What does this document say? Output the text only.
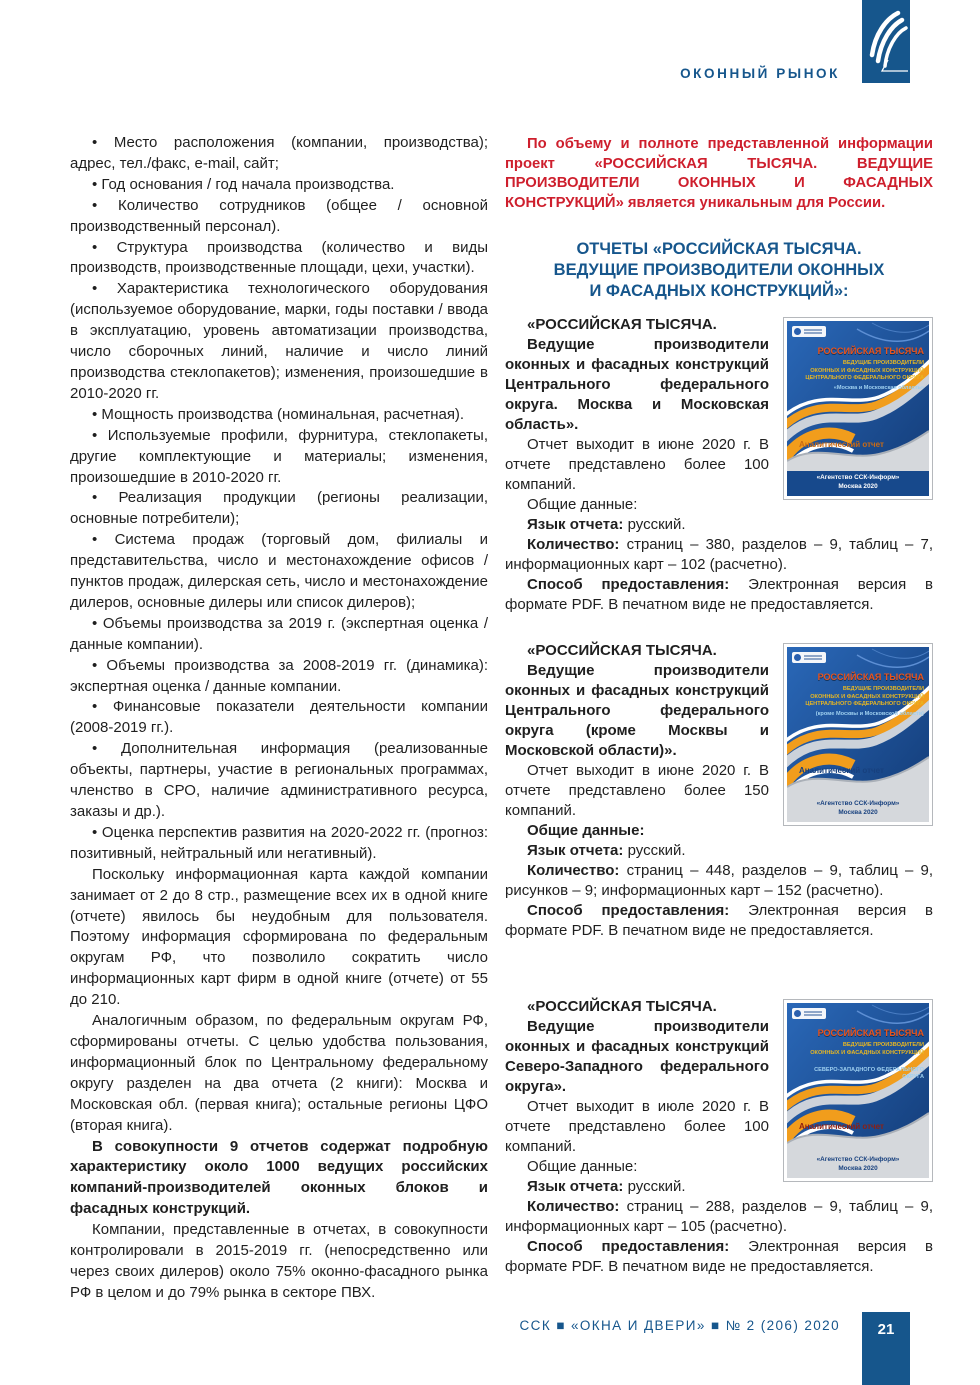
ОКОННЫЙ РЫНОК

• Место расположения (компании, производства); адрес, тел./факс, e-mail, сайт;

• Год основания / год начала производства.

• Количество сотрудников (общее / основной производственный персонал).

• Структура производства (количество и виды производств, производственные площади, цехи, участки).

• Характеристика технологического оборудования (используемое оборудование, марки, годы поставки / ввода в эксплуатацию, уровень автоматизации производства, число сборочных линий, наличие и число линий производства стеклопакетов); изменения, произошедшие в 2010-2020 гг.

• Мощность производства (номинальная, расчетная).

• Используемые профили, фурнитура, стеклопакеты, другие комплектующие и материалы; изменения, произошедшие в 2010-2020 гг.

• Реализация продукции (регионы реализации, основные потребители);

• Система продаж (торговый дом, филиалы и представительства, число и местонахождение офисов / пунктов продаж, дилерская сеть, число и местонахождение дилеров, основные дилеры или список дилеров);

• Объемы производства за 2019 г. (экспертная оценка / данные компании).

• Объемы производства за 2008-2019 гг. (динамика): экспертная оценка / данные компании.

• Финансовые показатели деятельности компании (2008-2019 гг.).

• Дополнительная информация (реализованные объекты, партнеры, участие в региональных программах, членство в СРО, наличие административного ресурса, заказы и др.).

• Оценка перспектив развития на 2020-2022 гг. (прогноз: позитивный, нейтральный или негативный).

Поскольку информационная карта каждой компании занимает от 2 до 8 стр., размещение всех их в одной книге (отчете) явилось бы неудобным для пользователя. Поэтому информация сформирована по федеральным округам РФ, что позволило сократить число информационных карт фирм в одной книге (отчете) от 55 до 210.

Аналогичным образом, по федеральным округам РФ, сформированы отчеты. С целью удобства пользования, информационный блок по Центральному федеральному округу разделен на два отчета (2 книги): Москва и Московская обл. (первая книга); остальные регионы ЦФО (вторая книга).

В совокупности 9 отчетов содержат подробную характеристику около 1000 ведущих российских компаний-производителей оконных блоков и фасадных конструкций.

Компании, представленные в отчетах, в совокупности контролировали в 2015-2019 гг. (непосредственно или через своих дилеров) около 75% оконно-фасадного рынка РФ в целом и до 79% рынка в секторе ПВХ.

По объему и полноте представленной информации проект «РОССИЙСКАЯ ТЫСЯЧА. ВЕДУЩИЕ ПРОИЗВОДИТЕЛИ ОКОННЫХ И ФАСАДНЫХ КОНСТРУКЦИЙ» является уникальным для России.

ОТЧЕТЫ «РОССИЙСКАЯ ТЫСЯЧА.
ВЕДУЩИЕ ПРОИЗВОДИТЕЛИ ОКОННЫХ
И ФАСАДНЫХ КОНСТРУКЦИЙ»:
РОССИЙСКАЯ ТЫСЯЧА
ВЕДУЩИЕ ПРОИЗВОДИТЕЛИ
ОКОННЫХ И ФАСАДНЫХ КОНСТРУКЦИЙ
ЦЕНТРАЛЬНОГО ФЕДЕРАЛЬНОГО ОКРУГА
«Москва и Московская область»
Аналитический отчет
«Агентство ССК-Информ»
Москва 2020

«РОССИЙСКАЯ ТЫСЯЧА.

Ведущие производители оконных и фасадных конструкций Центрального федерального округа. Москва и Московская область».

Отчет выходит в июне 2020 г. В отчете представлено более 100 компаний.

Общие данные:

Язык отчета: русский.

Количество: страниц – 380, разделов – 9, таблиц – 7, информационных карт – 102 (расчетно).

Способ предоставления: Электронная версия в формате PDF. В печатном виде не предоставляется.

РОССИЙСКАЯ ТЫСЯЧА
ВЕДУЩИЕ ПРОИЗВОДИТЕЛИ
ОКОННЫХ И ФАСАДНЫХ КОНСТРУКЦИЙ
ЦЕНТРАЛЬНОГО ФЕДЕРАЛЬНОГО ОКРУГА
(кроме Москвы и Московской области)
Аналитический отчет
«Агентство ССК-Информ»
Москва 2020

«РОССИЙСКАЯ ТЫСЯЧА.

Ведущие производители оконных и фасадных конструкций Центрального федерального округа (кроме Москвы и Московской области)».

Отчет выходит в июне 2020 г. В отчете представлено более 150 компаний.

Общие данные:

Язык отчета: русский.

Количество: страниц – 448, разделов – 9, таблиц – 9, рисунков – 9; информационных карт – 152 (расчетно).

Способ предоставления: Электронная версия в формате PDF. В печатном виде не предоставляется.

РОССИЙСКАЯ ТЫСЯЧА
ВЕДУЩИЕ ПРОИЗВОДИТЕЛИ
ОКОННЫХ И ФАСАДНЫХ КОНСТРУКЦИЙ
СЕВЕРО-ЗАПАДНОГО ФЕДЕРАЛЬНОГО ОКРУГА
Аналитический отчет
«Агентство ССК-Информ»
Москва 2020

«РОССИЙСКАЯ ТЫСЯЧА.

Ведущие производители оконных и фасадных конструкций Северо-Западного федерального округа».

Отчет выходит в июле 2020 г. В отчете представлено более 100 компаний.

Общие данные:

Язык отчета: русский.

Количество: страниц – 288, разделов – 9, таблиц – 9, информационных карт – 105 (расчетно).

Способ предоставления: Электронная версия в формате PDF. В печатном виде не предоставляется.

ССК ■ «ОКНА И ДВЕРИ» ■ № 2 (206) 2020	21
